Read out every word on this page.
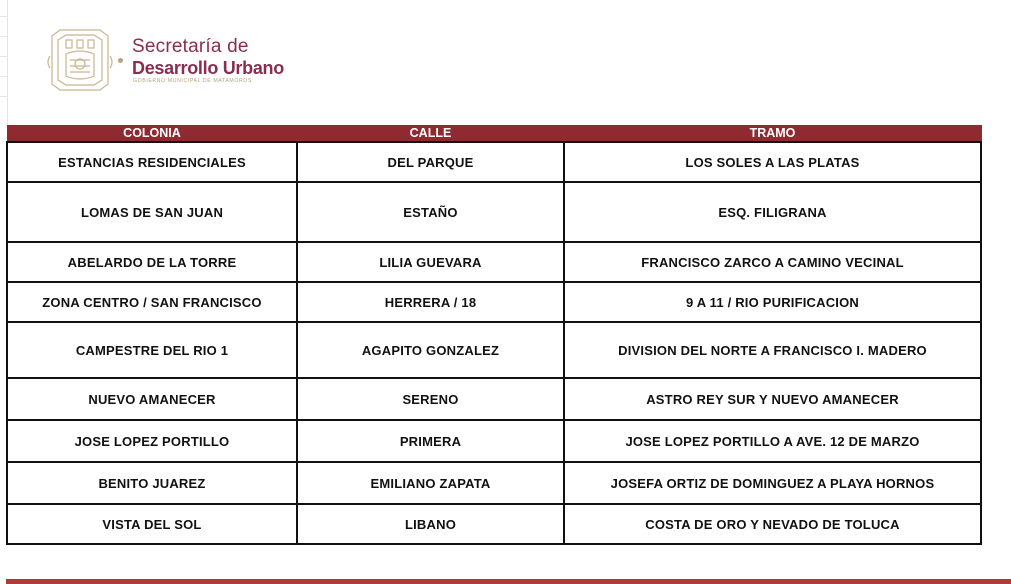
Secretaría de
Desarrollo Urbano
GOBIERNO MUNICIPAL DE MATAMOROS
COLONIA	CALLE	TRAMO
ESTANCIAS RESIDENCIALES	DEL PARQUE	LOS SOLES A LAS PLATAS
LOMAS DE SAN JUAN	ESTAÑO	ESQ. FILIGRANA
ABELARDO DE LA TORRE	LILIA GUEVARA	FRANCISCO ZARCO A CAMINO VECINAL
ZONA CENTRO / SAN FRANCISCO	HERRERA / 18	9 A 11 / RIO PURIFICACION
CAMPESTRE DEL RIO 1	AGAPITO GONZALEZ	DIVISION DEL NORTE A FRANCISCO I. MADERO
NUEVO AMANECER	SERENO	ASTRO REY SUR Y NUEVO AMANECER
JOSE LOPEZ PORTILLO	PRIMERA	JOSE LOPEZ PORTILLO A AVE. 12 DE MARZO
BENITO JUAREZ	EMILIANO ZAPATA	JOSEFA ORTIZ DE DOMINGUEZ A PLAYA HORNOS
VISTA DEL SOL	LIBANO	COSTA DE ORO Y NEVADO DE TOLUCA
